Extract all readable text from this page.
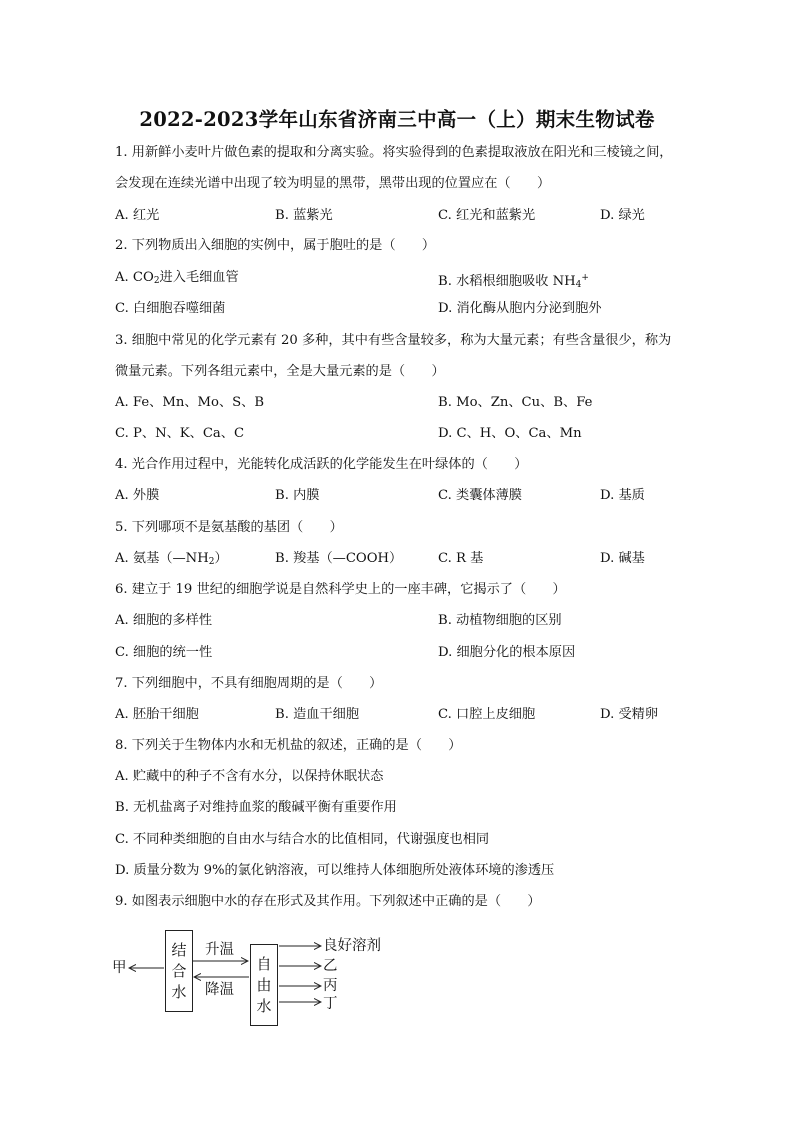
2022-2023学年山东省济南三中高一（上）期末生物试卷
1. 用新鲜小麦叶片做色素的提取和分离实验。将实验得到的色素提取液放在阳光和三棱镜之间，
会发现在连续光谱中出现了较为明显的黑带，黑带出现的位置应在（　　）
A. 红光	B. 蓝紫光	C. 红光和蓝紫光	D. 绿光
2. 下列物质出入细胞的实例中，属于胞吐的是（　　）
A. $CO_2$进入毛细血管	B. 水稻根细胞吸收 $NH_4^+$
C. 白细胞吞噬细菌	D. 消化酶从胞内分泌到胞外
3. 细胞中常见的化学元素有 20 多种，其中有些含量较多，称为大量元素；有些含量很少，称为
微量元素。下列各组元素中，全是大量元素的是（　　）
A. Fe、Mn、Mo、S、B	B. Mo、Zn、Cu、B、Fe
C. P、N、K、Ca、C	D. C、H、O、Ca、Mn
4. 光合作用过程中，光能转化成活跃的化学能发生在叶绿体的（　　）
A. 外膜	B. 内膜	C. 类囊体薄膜	D. 基质
5. 下列哪项不是氨基酸的基团（　　）
A. 氨基$(—NH_2)$	B. 羧基（—COOH）	C. R 基	D. 碱基
6. 建立于 19 世纪的细胞学说是自然科学史上的一座丰碑，它揭示了（　　）
A. 细胞的多样性	B. 动植物细胞的区别
C. 细胞的统一性	D. 细胞分化的根本原因
7. 下列细胞中，不具有细胞周期的是（　　）
A. 胚胎干细胞	B. 造血干细胞	C. 口腔上皮细胞	D. 受精卵
8. 下列关于生物体内水和无机盐的叙述，正确的是（　　）
A. 贮藏中的种子不含有水分，以保持休眠状态
B. 无机盐离子对维持血浆的酸碱平衡有重要作用
C. 不同种类细胞的自由水与结合水的比值相同，代谢强度也相同
D. 质量分数为 9%的氯化钠溶液，可以维持人体细胞所处液体环境的渗透压
9. 如图表示细胞中水的存在形式及其作用。下列叙述中正确的是（　　）
甲
结
合
水
自
由
水
升温
降温
良好溶剂
乙
丙
丁
